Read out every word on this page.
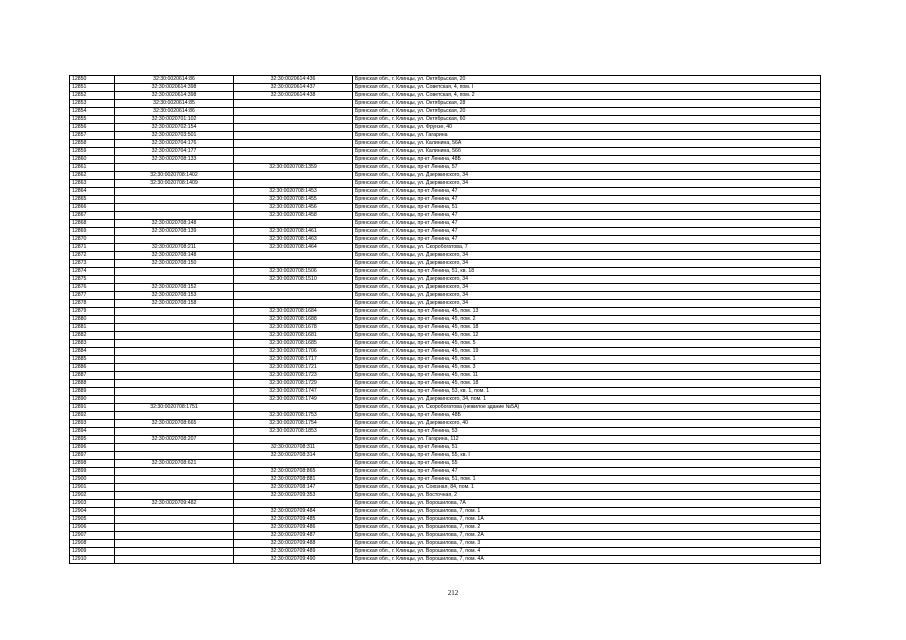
12850	32:30:0020614:86	32:30:0020614:436	Брянская обл., г. Клинцы, ул. Октябрьская, 20
12851	32:30:0020614:398	32:30:0020614:437	Брянская обл., г. Клинцы, ул. Советская, 4, пом. I
12852	32:30:0020614:398	32:30:0020614:438	Брянская обл., г. Клинцы, ул. Советская, 4, пом. 2
12853	32:30:0020614:85		Брянская обл., г. Клинцы, ул. Октябрьская, 28
12854	32:30:0020614:86		Брянская обл., г. Клинцы, ул. Октябрьская, 20
12855	32:30:0020701:102		Брянская обл., г. Клинцы, ул. Октябрьская, 60
12856	32:30:0020702:154		Брянская обл., г. Клинцы, ул. Фрунзе, 40
12857	32:30:0020703:501		Брянская обл., г. Клинцы, ул. Гагарина
12858	32:30:0020704:176		Брянская обл., г. Клинцы, ул. Калинина, 56А
12859	32:30:0020704:177		Брянская обл., г. Клинцы, ул. Калинина, 56б
12860	32:30:0020708:133		Брянская обл., г. Клинцы, пр-кт Ленина, 48Б
12861		32:30:0020708:1359	Брянская обл., г. Клинцы, пр-кт Ленина, 57
12862	32:30:0020708:1402		Брянская обл., г. Клинцы, ул. Дзержинского, 34
12863	32:30:0020708:1409		Брянская обл., г. Клинцы, ул. Дзержинского, 34
12864		32:30:0020708:1453	Брянская обл., г. Клинцы, пр-кт Ленина, 47
12865		32:30:0020708:1455	Брянская обл., г. Клинцы, пр-кт Ленина, 47
12866		32:30:0020708:1456	Брянская обл., г. Клинцы, пр-кт Ленина, 51
12867		32:30:0020708:1458	Брянская обл., г. Клинцы, пр-кт Ленина, 47
12868	32:30:0020708:148		Брянская обл., г. Клинцы, пр-кт Ленина, 47
12869	32:30:0020708:139	32:30:0020708:1461	Брянская обл., г. Клинцы, пр-кт Ленина, 47
12870		32:30:0020708:1463	Брянская обл., г. Клинцы, пр-кт Ленина, 47
12871	32:30:0020708:211	32:30:0020708:1464	Брянская обл., г. Клинцы, ул. Скоробогатова, 7
12872	32:30:0020708:148		Брянская обл., г. Клинцы, ул. Дзержинского, 34
12873	32:30:0020708:150		Брянская обл., г. Клинцы, ул. Дзержинского, 34
12874		32:30:0020708:1506	Брянская обл., г. Клинцы, пр-кт Ленина, 51, кв. 18
12875		32:30:0020708:1510	Брянская обл., г. Клинцы, ул. Дзержинского, 34
12876	32:30:0020708:152		Брянская обл., г. Клинцы, ул. Дзержинского, 34
12877	32:30:0020708:153		Брянская обл., г. Клинцы, ул. Дзержинского, 34
12878	32:30:0020708:158		Брянская обл., г. Клинцы, ул. Дзержинского, 34
12879		32:30:0020708:1684	Брянская обл., г. Клинцы, пр-кт Ленина, 45, пом. 13
12880		32:30:0020708:1688	Брянская обл., г. Клинцы, пр-кт Ленина, 45, пом. 2
12881		32:30:0020708:1678	Брянская обл., г. Клинцы, пр-кт Ленина, 45, пом. 18
12882		32:30:0020708:1681	Брянская обл., г. Клинцы, пр-кт Ленина, 45, пом. 12
12883		32:30:0020708:1685	Брянская обл., г. Клинцы, пр-кт Ленина, 45, пом. 5
12884		32:30:0020708:1706	Брянская обл., г. Клинцы, пр-кт Ленина, 45, пом. 19
12885		32:30:0020708:1717	Брянская обл., г. Клинцы, пр-кт Ленина, 45, пом. 1
12886		32:30:0020708:1721	Брянская обл., г. Клинцы, пр-кт Ленина, 45, пом. 3
12887		32:30:0020708:1723	Брянская обл., г. Клинцы, пр-кт Ленина, 45, пом. 11
12888		32:30:0020708:1729	Брянская обл., г. Клинцы, пр-кт Ленина, 45, пом. 18
12889		32:30:0020708:1747	Брянская обл., г. Клинцы, пр-кт Ленина, 53, кв. 1, пом. 1
12890		32:30:0020708:1749	Брянская обл., г. Клинцы, ул. Дзержинского, 34, пом. 1
12891	32:30:0020708:1751		Брянская обл., г. Клинцы, ул. Скоробогатова (нежилое здание №5А)
12892		32:30:0020708:1753	Брянская обл., г. Клинцы, пр-кт Ленина, 48Б
12893	32:30:0020708:665	32:30:0020708:1754	Брянская обл., г. Клинцы, ул. Дзержинского, 40
12894		32:30:0020708:1853	Брянская обл., г. Клинцы, пр-кт Ленина, 53
12895	32:30:0020708:207		Брянская обл., г. Клинцы, ул. Гагарина, 112
12896		32:30:0020708:311	Брянская обл., г. Клинцы, пр-кт Ленина, 51
12897		32:30:0020708:314	Брянская обл., г. Клинцы, пр-кт Ленина, 55, кв. I
12898	32:30:0020708:621		Брянская обл., г. Клинцы, пр-кт Ленина, 55
12899		32:30:0020708:865	Брянская обл., г. Клинцы, пр-кт Ленина, 47
12900		32:30:0020708:881	Брянская обл., г. Клинцы, пр-кт Ленина, 51, пом. 1
12901		32:30:0020708:147	Брянская обл., г. Клинцы, ул. Союзная, 84, пом. 1
12902		32:30:0020709:353	Брянская обл., г. Клинцы, ул. Восточная, 2
12903	32:30:0020709:482		Брянская обл., г. Клинцы, ул. Ворошилова, 7А
12904		32:30:0020709:484	Брянская обл., г. Клинцы, ул. Ворошилова, 7, пом. 1
12905		32:30:0020709:485	Брянская обл., г. Клинцы, ул. Ворошилова, 7, пом. 1А
12906		32:30:0020709:486	Брянская обл., г. Клинцы, ул. Ворошилова, 7, пом. 2
12907		32:30:0020709:487	Брянская обл., г. Клинцы, ул. Ворошилова, 7, пом. 2А
12908		32:30:0020709:488	Брянская обл., г. Клинцы, ул. Ворошилова, 7, пом. 3
12909		32:30:0020709:489	Брянская обл., г. Клинцы, ул. Ворошилова, 7, пом. 4
12910		32:30:0020709:490	Брянская обл., г. Клинцы, ул. Ворошилова, 7, пом. 4А
212
